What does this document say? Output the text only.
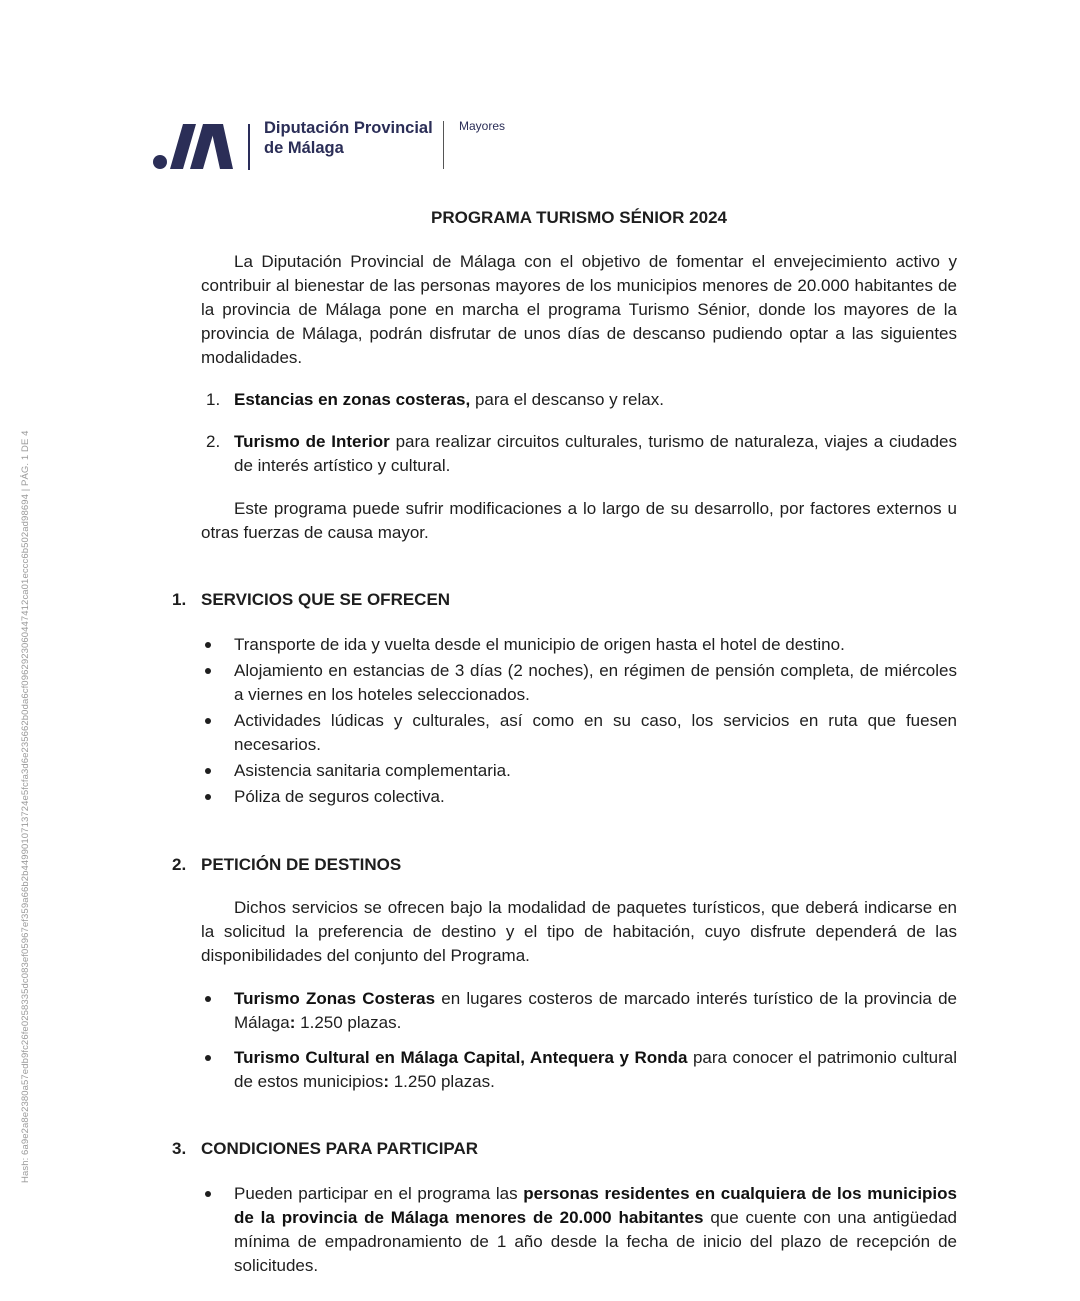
Hash: 6a9e2a8e2380a57edb9fc26fe0258335dc083ef05967ef359a66b2b4499010713724e5fcfa3d6e235662b0da6cf0962923060447412ca01eccc6b502ad98694 | PÁG. 1 DE 4
Diputación Provincial
de Málaga
Mayores
PROGRAMA TURISMO SÉNIOR 2024

La Diputación Provincial de Málaga con el objetivo de fomentar el envejecimiento activo y contribuir al bienestar de las personas mayores de los municipios menores de 20.000 habitantes de la provincia de Málaga pone en marcha el programa Turismo Sénior, donde los mayores de la provincia de Málaga, podrán disfrutar de unos días de descanso pudiendo optar a las siguientes modalidades.

1. Estancias en zonas costeras, para el descanso y relax.
2. Turismo de Interior para realizar circuitos culturales, turismo de naturaleza, viajes a ciudades de interés artístico y cultural.

Este programa puede sufrir modificaciones a lo largo de su desarrollo, por factores externos u otras fuerzas de causa mayor.

1. SERVICIOS QUE SE OFRECEN
Transporte de ida y vuelta desde el municipio de origen hasta el hotel de destino.
Alojamiento en estancias de 3 días (2 noches), en régimen de pensión completa, de miércoles a viernes en los hoteles seleccionados.
Actividades lúdicas y culturales, así como en su caso, los servicios en ruta que fuesen necesarios.
Asistencia sanitaria complementaria.
Póliza de seguros colectiva.
2. PETICIÓN DE DESTINOS

Dichos servicios se ofrecen bajo la modalidad de paquetes turísticos, que deberá indicarse en la solicitud la preferencia de destino y el tipo de habitación, cuyo disfrute dependerá de las disponibilidades del conjunto del Programa.

Turismo Zonas Costeras en lugares costeros de marcado interés turístico de la provincia de Málaga: 1.250 plazas.
Turismo Cultural en Málaga Capital, Antequera y Ronda para conocer el patrimonio cultural de estos municipios: 1.250 plazas.
3. CONDICIONES PARA PARTICIPAR
Pueden participar en el programa las personas residentes en cualquiera de los municipios de la provincia de Málaga menores de 20.000 habitantes que cuente con una antigüedad mínima de empadronamiento de 1 año desde la fecha de inicio del plazo de recepción de solicitudes.
